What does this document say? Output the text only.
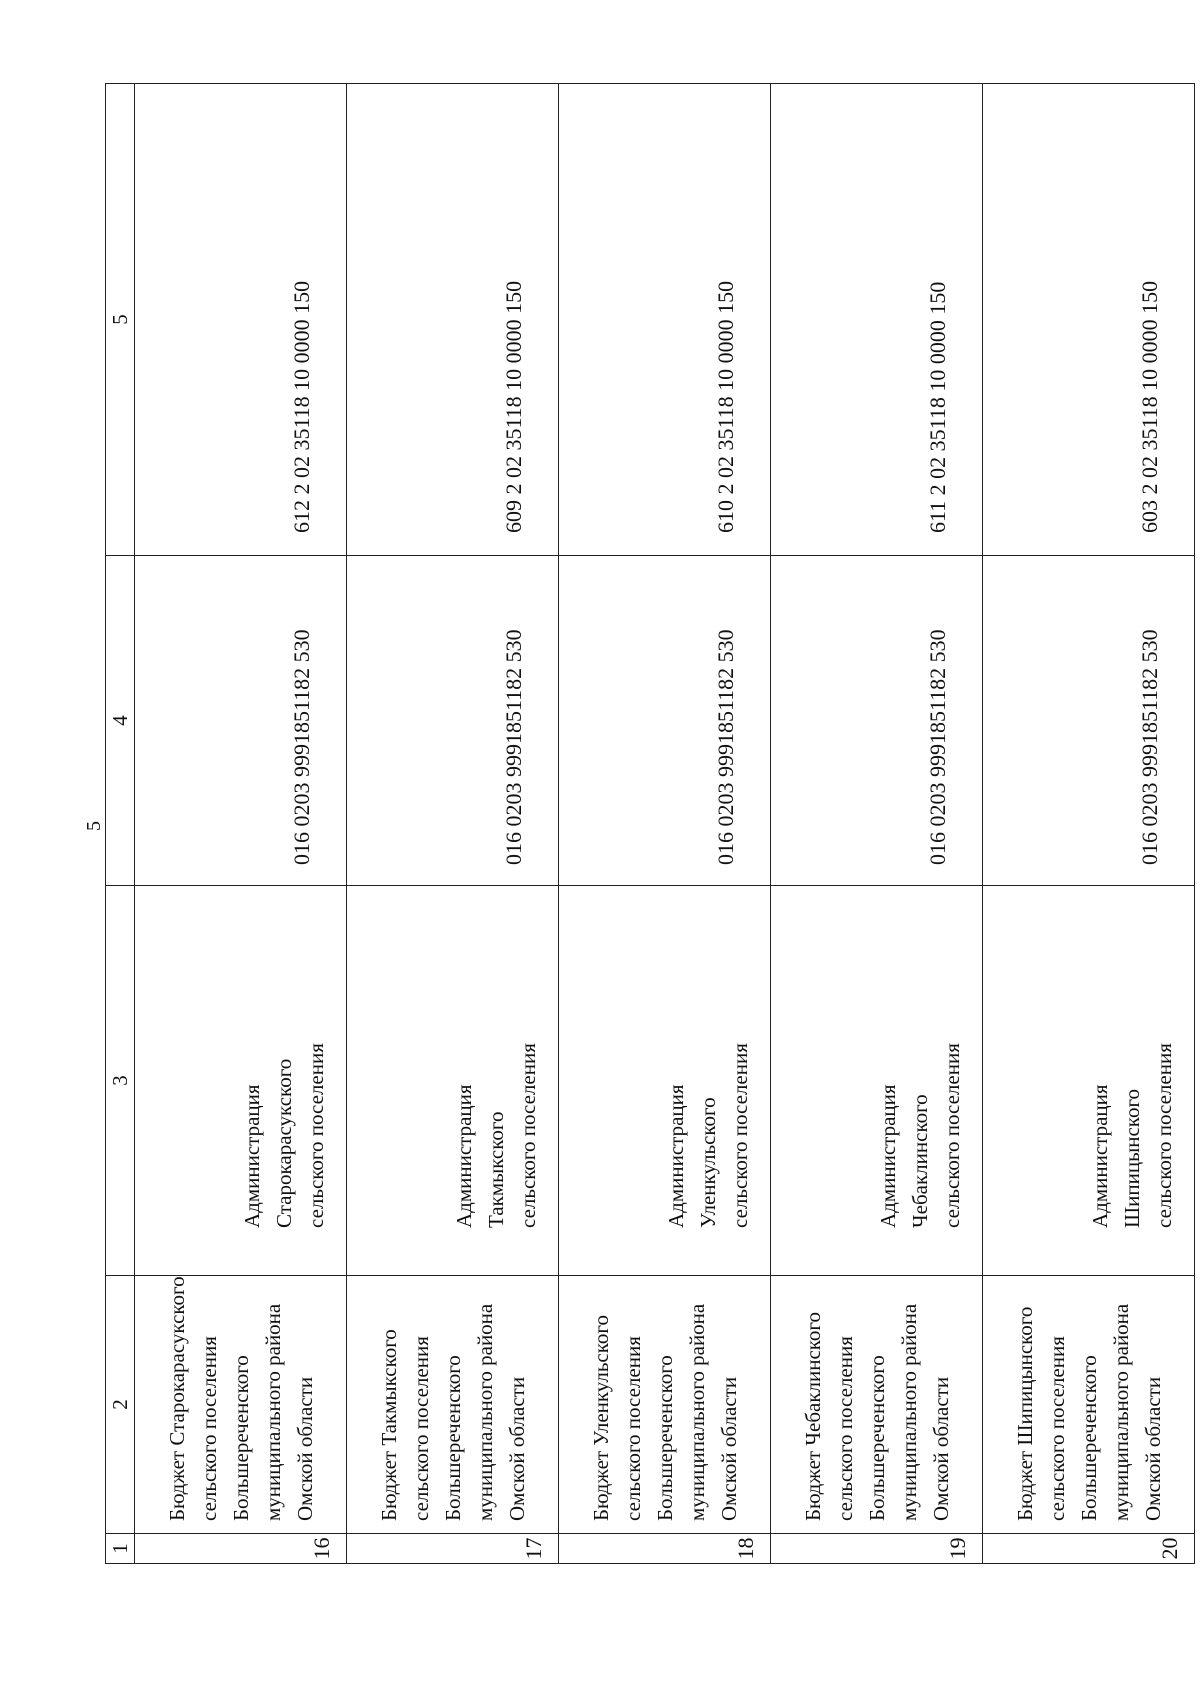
5
1	2	3	4	5
16	Бюджет Старокарасукского сельского поселения Большереченского муниципального района Омской области	Администрация Старокарасукского сельского поселения	016 0203 9991851182 530	612 2 02 35118 10 0000 150
17	Бюджет Такмыкского сельского поселения Большереченского муниципального района Омской области	Администрация Такмыкского сельского поселения	016 0203 9991851182 530	609 2 02 35118 10 0000 150
18	Бюджет Уленкульского сельского поселения Большереченского муниципального района Омской области	Администрация Уленкульского сельского поселения	016 0203 9991851182 530	610 2 02 35118 10 0000 150
19	Бюджет Чебаклинского сельского поселения Большереченского муниципального района Омской области	Администрация Чебаклинского сельского поселения	016 0203 9991851182 530	611 2 02 35118 10 0000 150
20	Бюджет Шипицынского сельского поселения Большереченского муниципального района Омской области	Администрация Шипицынского сельского поселения	016 0203 9991851182 530	603 2 02 35118 10 0000 150
